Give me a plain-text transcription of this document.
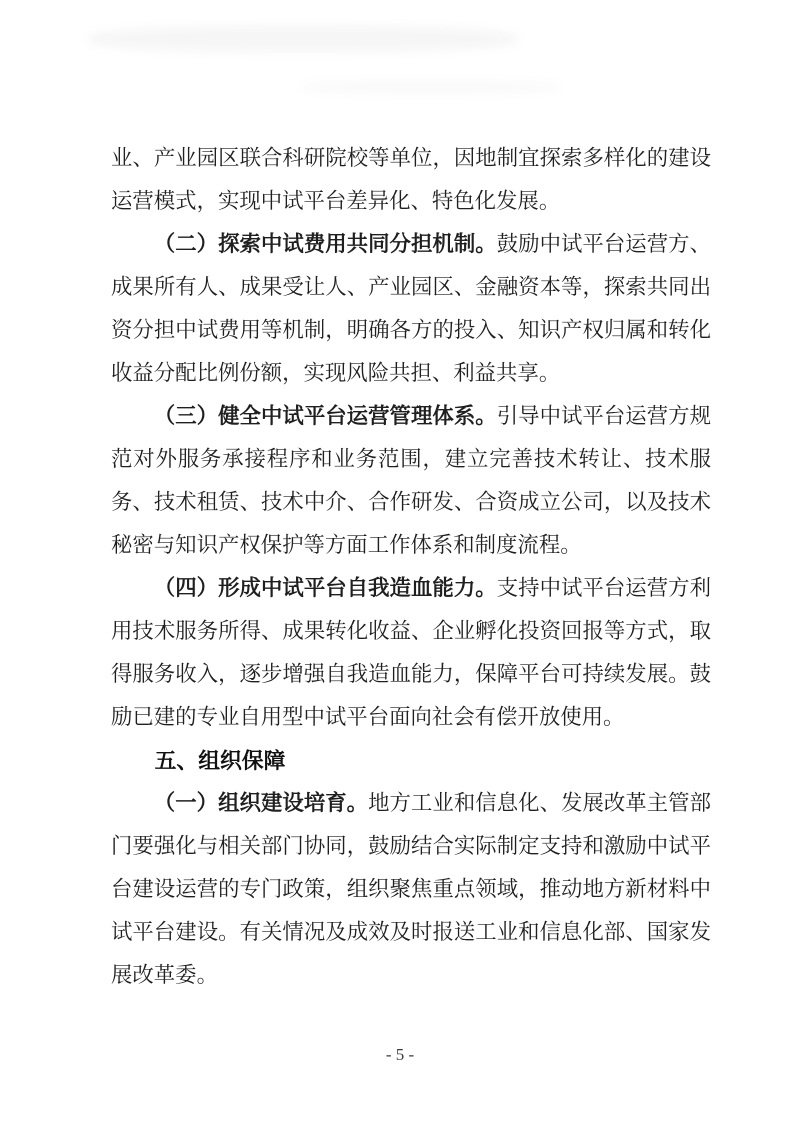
业、产业园区联合科研院校等单位，因地制宜探索多样化的建设运营模式，实现中试平台差异化、特色化发展。

（二）探索中试费用共同分担机制。鼓励中试平台运营方、成果所有人、成果受让人、产业园区、金融资本等，探索共同出资分担中试费用等机制，明确各方的投入、知识产权归属和转化收益分配比例份额，实现风险共担、利益共享。

（三）健全中试平台运营管理体系。引导中试平台运营方规范对外服务承接程序和业务范围，建立完善技术转让、技术服务、技术租赁、技术中介、合作研发、合资成立公司，以及技术秘密与知识产权保护等方面工作体系和制度流程。

（四）形成中试平台自我造血能力。支持中试平台运营方利用技术服务所得、成果转化收益、企业孵化投资回报等方式，取得服务收入，逐步增强自我造血能力，保障平台可持续发展。鼓励已建的专业自用型中试平台面向社会有偿开放使用。

五、组织保障

（一）组织建设培育。地方工业和信息化、发展改革主管部门要强化与相关部门协同，鼓励结合实际制定支持和激励中试平台建设运营的专门政策，组织聚焦重点领域，推动地方新材料中试平台建设。有关情况及成效及时报送工业和信息化部、国家发展改革委。

- 5 -
